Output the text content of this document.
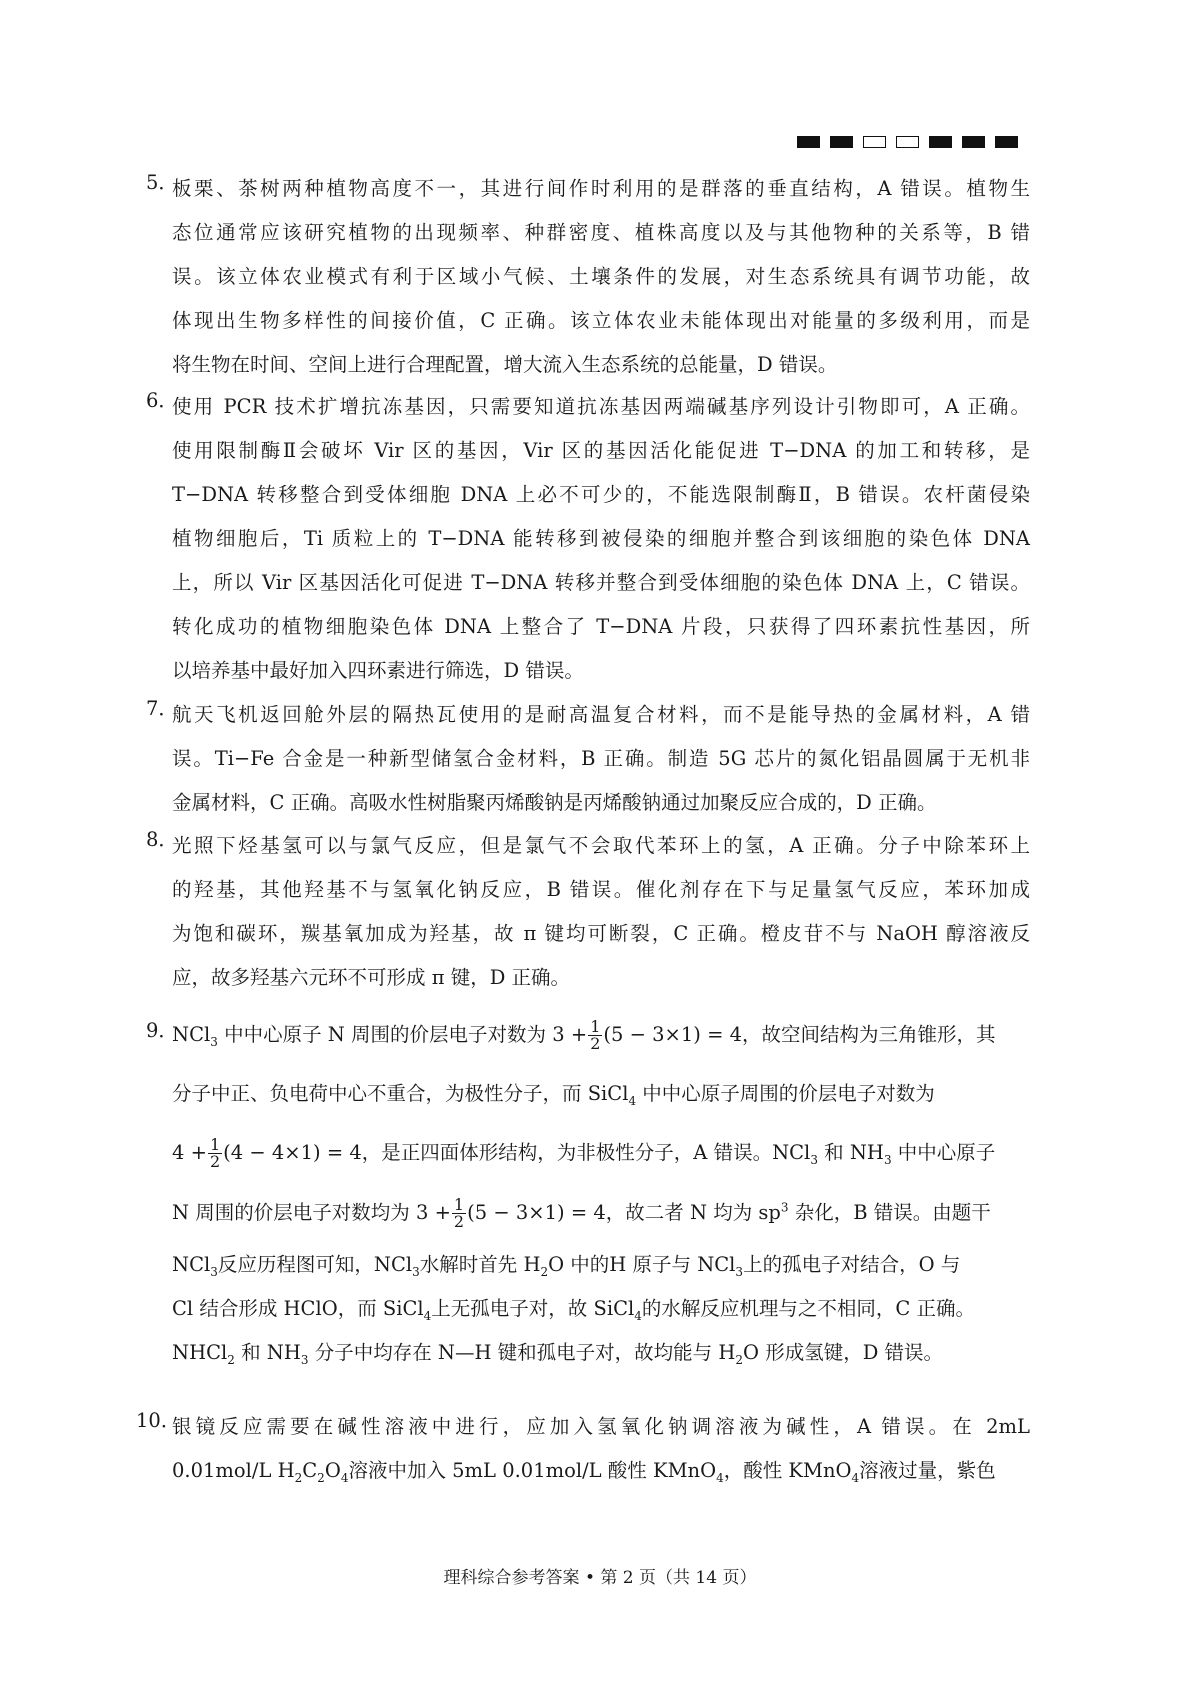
5．
板栗、茶树两种植物高度不一，其进行间作时利用的是群落的垂直结构，A 错误。植物生
态位通常应该研究植物的出现频率、种群密度、植株高度以及与其他物种的关系等，B 错
误。该立体农业模式有利于区域小气候、土壤条件的发展，对生态系统具有调节功能，故
体现出生物多样性的间接价值，C 正确。该立体农业未能体现出对能量的多级利用，而是
将生物在时间、空间上进行合理配置，增大流入生态系统的总能量，D 错误。
6．
使用 PCR 技术扩增抗冻基因，只需要知道抗冻基因两端碱基序列设计引物即可，A 正确。
使用限制酶Ⅱ会破坏 Vir 区的基因，Vir 区的基因活化能促进 T−DNA 的加工和转移，是
T−DNA 转移整合到受体细胞 DNA 上必不可少的，不能选限制酶Ⅱ，B 错误。农杆菌侵染
植物细胞后，Ti 质粒上的 T−DNA 能转移到被侵染的细胞并整合到该细胞的染色体 DNA
上，所以 Vir 区基因活化可促进 T−DNA 转移并整合到受体细胞的染色体 DNA 上，C 错误。
转化成功的植物细胞染色体 DNA 上整合了 T−DNA 片段，只获得了四环素抗性基因，所
以培养基中最好加入四环素进行筛选，D 错误。
7．
航天飞机返回舱外层的隔热瓦使用的是耐高温复合材料，而不是能导热的金属材料，A 错
误。Ti−Fe 合金是一种新型储氢合金材料，B 正确。制造 5G 芯片的氮化铝晶圆属于无机非
金属材料，C 正确。高吸水性树脂聚丙烯酸钠是丙烯酸钠通过加聚反应合成的，D 正确。
8．
光照下烃基氢可以与氯气反应，但是氯气不会取代苯环上的氢，A 正确。分子中除苯环上
的羟基，其他羟基不与氢氧化钠反应，B 错误。催化剂存在下与足量氢气反应，苯环加成
为饱和碳环，羰基氧加成为羟基，故 π 键均可断裂，C 正确。橙皮苷不与 NaOH 醇溶液反
应，故多羟基六元环不可形成 π 键，D 正确。
9．
NCl$_3$ 中中心原子 N 周围的价层电子对数为 $3 + \frac{1}{2} (5 - 3\times 1) = 4$，故空间结构为三角锥形，其
分子中正、负电荷中心不重合，为极性分子，而 SiCl$_4$ 中中心原子周围的价层电子对数为
$4 + \frac{1}{2} (4 - 4\times 1) = 4$，是正四面体形结构，为非极性分子，A 错误。NCl$_3$ 和 $NH_3$ 中中心原子
N 周围的价层电子对数均为 $3 + \frac{1}{2} (5 - 3\times 1) = 4$，故二者 N 均为 $sp^3$ 杂化，B 错误。由题干
NCl$_3$反应历程图可知，NCl$_3$水解时首先 $H_2O$ 中的H 原子与 NCl$_3$上的孤电子对结合，O 与
Cl 结合形成 HClO，而 SiCl$_4$上无孤电子对，故 SiCl$_4$的水解反应机理与之不相同，C 正确。
NHCl$_2$ 和 $NH_3$ 分子中均存在 N—H 键和孤电子对，故均能与 $H_2O$ 形成氢键，D 错误。
10．
银镜反应需要在碱性溶液中进行，应加入氢氧化钠调溶液为碱性，A 错误。在 2mL
0.01mol/L $H_2C_2O_4$溶液中加入 5mL 0.01mol/L 酸性 KMnO$_4$，酸性 KMnO$_4$溶液过量，紫色
理科综合参考答案 • 第 2 页（共 14 页）
